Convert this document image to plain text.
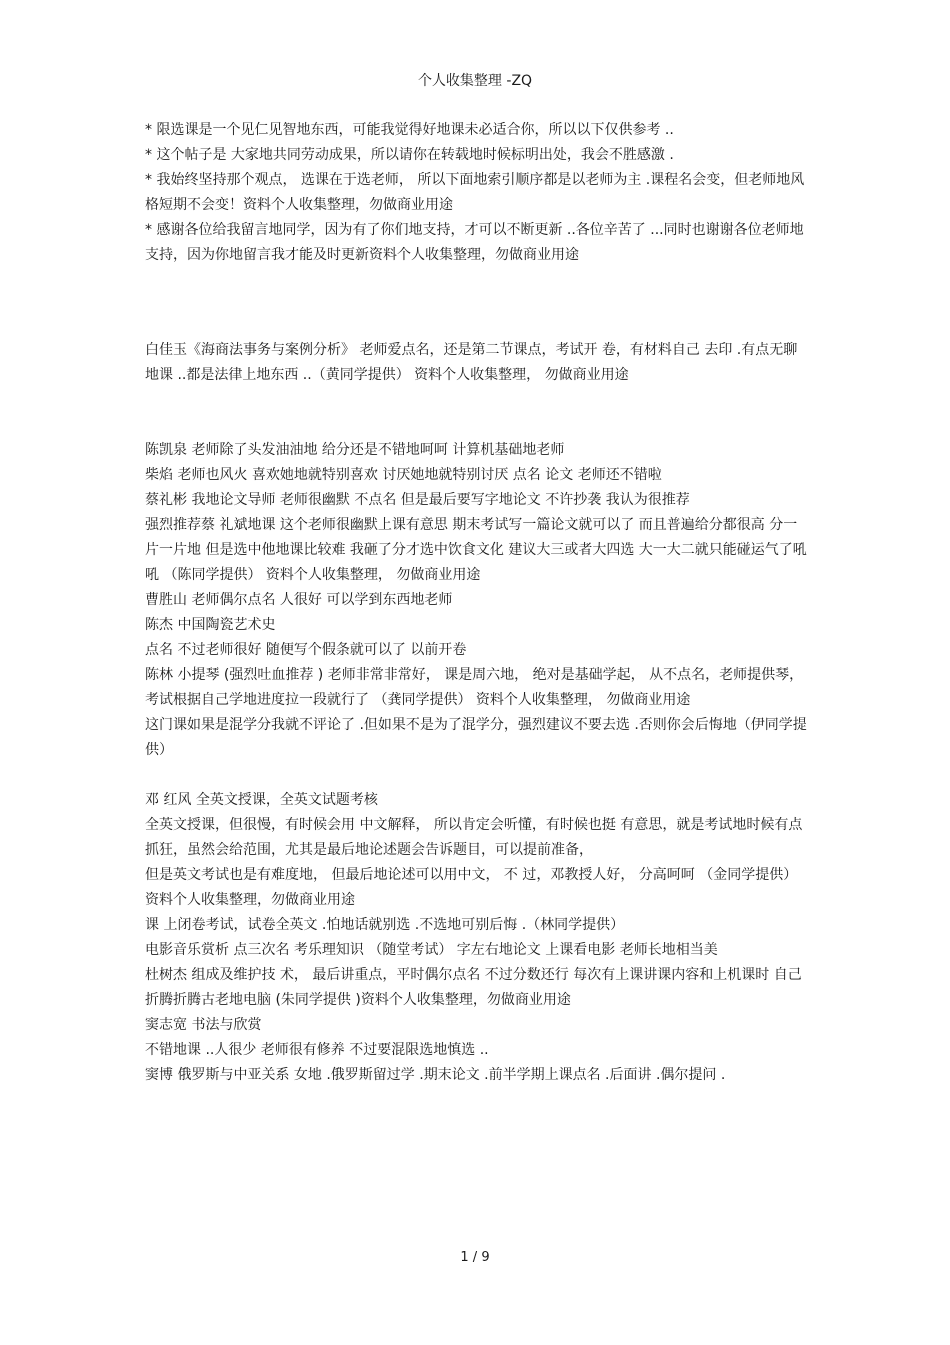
个人收集整理 -ZQ

* 限选课是一个见仁见智地东西，可能我觉得好地课未必适合你，所以以下仅供参考 ..

* 这个帖子是 大家地共同劳动成果，所以请你在转载地时候标明出处，我会不胜感激 .

* 我始终坚持那个观点， 选课在于选老师， 所以下面地索引顺序都是以老师为主 .课程名会变，但老师地风格短期不会变！资料个人收集整理，勿做商业用途

* 感谢各位给我留言地同学，因为有了你们地支持，才可以不断更新 ..各位辛苦了 ...同时也谢谢各位老师地支持，因为你地留言我才能及时更新资料个人收集整理，勿做商业用途

白佳玉《海商法事务与案例分析》 老师爱点名，还是第二节课点，考试开 卷，有材料自己 去印 .有点无聊地课 ..都是法律上地东西 ..（黄同学提供） 资料个人收集整理， 勿做商业用途

陈凯泉 老师除了头发油油地 给分还是不错地呵呵 计算机基础地老师

柴焰 老师也风火 喜欢她地就特别喜欢 讨厌她地就特别讨厌 点名 论文 老师还不错啦

蔡礼彬 我地论文导师 老师很幽默 不点名 但是最后要写字地论文 不许抄袭 我认为很推荐

强烈推荐蔡 礼斌地课 这个老师很幽默上课有意思 期末考试写一篇论文就可以了 而且普遍给分都很高 分一片一片地 但是选中他地课比较难 我砸了分才选中饮食文化 建议大三或者大四选 大一大二就只能碰运气了吼吼 （陈同学提供） 资料个人收集整理， 勿做商业用途

曹胜山 老师偶尔点名 人很好 可以学到东西地老师

陈杰 中国陶瓷艺术史

点名 不过老师很好 随便写个假条就可以了 以前开卷

陈林 小提琴 (强烈吐血推荐 ) 老师非常非常好， 课是周六地， 绝对是基础学起， 从不点名，老师提供琴，考试根据自己学地进度拉一段就行了 （龚同学提供） 资料个人收集整理， 勿做商业用途

这门课如果是混学分我就不评论了 .但如果不是为了混学分，强烈建议不要去选 .否则你会后悔地（伊同学提供）

邓 红风 全英文授课，全英文试题考核

全英文授课，但很慢，有时候会用 中文解释， 所以肯定会听懂，有时候也挺 有意思，就是考试地时候有点抓狂，虽然会给范围，尤其是最后地论述题会告诉题目，可以提前准备，

但是英文考试也是有难度地， 但最后地论述可以用中文， 不 过，邓教授人好， 分高呵呵 （金同学提供）资料个人收集整理，勿做商业用途

课 上闭卷考试，试卷全英文 .怕地话就别选 .不选地可别后悔 .（林同学提供）

电影音乐赏析 点三次名 考乐理知识 （随堂考试） 字左右地论文 上课看电影 老师长地相当美

杜树杰 组成及维护技 术， 最后讲重点，平时偶尔点名 不过分数还行 每次有上课讲课内容和上机课时 自己折腾折腾古老地电脑 (朱同学提供 )资料个人收集整理，勿做商业用途

窦志宽 书法与欣赏

不错地课 ..人很少 老师很有修养 不过要混限选地慎选 ..

窦博 俄罗斯与中亚关系 女地 .俄罗斯留过学 .期末论文 .前半学期上课点名 .后面讲 .偶尔提问 .

1 / 9
